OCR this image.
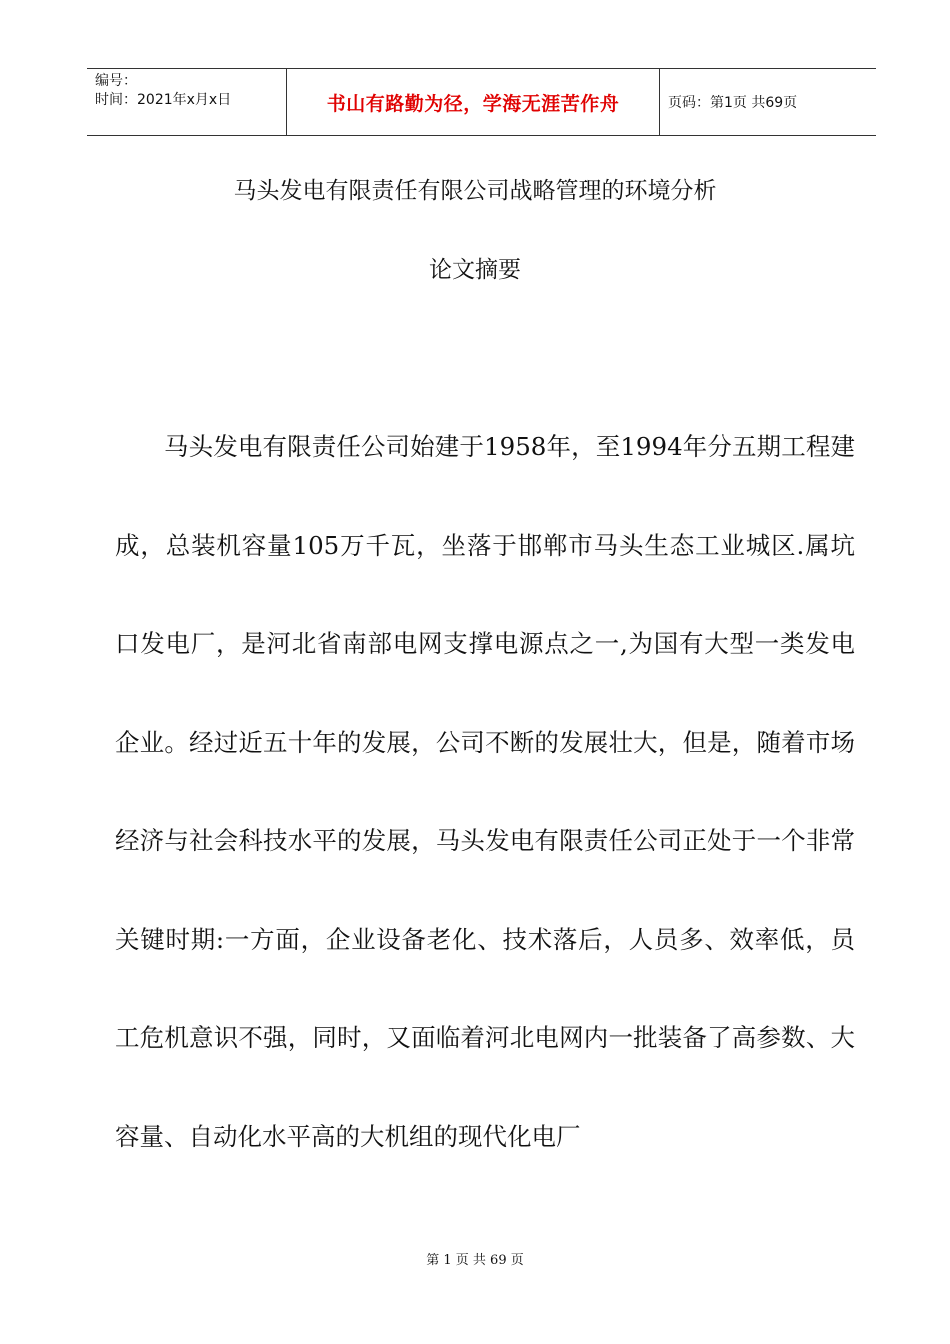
编号：
时间：2021年x月x日	书山有路勤为径，学海无涯苦作舟	页码：第1页 共69页
马头发电有限责任有限公司战略管理的环境分析
论文摘要

马头发电有限责任公司始建于1958年，至1994年分五期工程建成，总装机容量105万千瓦，坐落于邯郸市马头生态工业城区.属坑口发电厂，是河北省南部电网支撑电源点之一,为国有大型一类发电企业。经过近五十年的发展，公司不断的发展壮大，但是，随着市场经济与社会科技水平的发展，马头发电有限责任公司正处于一个非常关键时期:一方面，企业设备老化、技术落后，人员多、效率低，员工危机意识不强，同时，又面临着河北电网内一批装备了高参数、大容量、自动化水平高的大机组的现代化电厂

第 1 页 共 69 页
